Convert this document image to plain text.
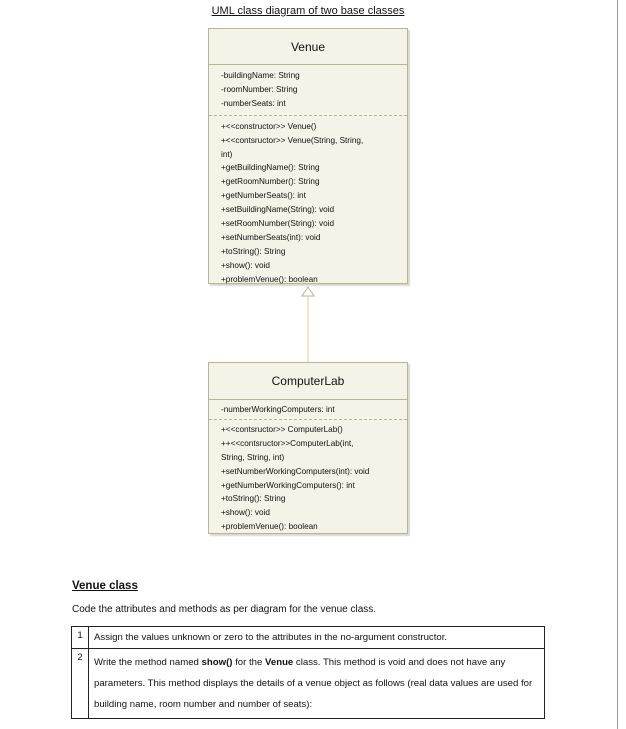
UML class diagram of two base classes
Venue
-buildingName: String
-roomNumber: String
-numberSeats: int
+<<constructor>> Venue()
+<<contsructor>> Venue(String, String,
int)
+getBuildingName(): String
+getRoomNumber(): String
+getNumberSeats(): int
+setBuildingName(String): void
+setRoomNumber(String): void
+setNumberSeats(int): void
+toString(): String
+show(): void
+problemVenue(): boolean
ComputerLab
-numberWorkingComputers: int
+<<contsructor>> ComputerLab()
++<<contsructor>>ComputerLab(int,
String, String, int)
+setNumberWorkingComputers(int): void
+getNumberWorkingComputers(): int
+toString(): String
+show(): void
+problemVenue(): boolean
Venue class
Code the attributes and methods as per diagram for the venue class.
1	Assign the values unknown or zero to the attributes in the no-argument constructor.
2	Write the method named show() for the Venue class. This method is void and does not have any parameters. This method displays the details of a venue object as follows (real data values are used for building name, room number and number of seats):
